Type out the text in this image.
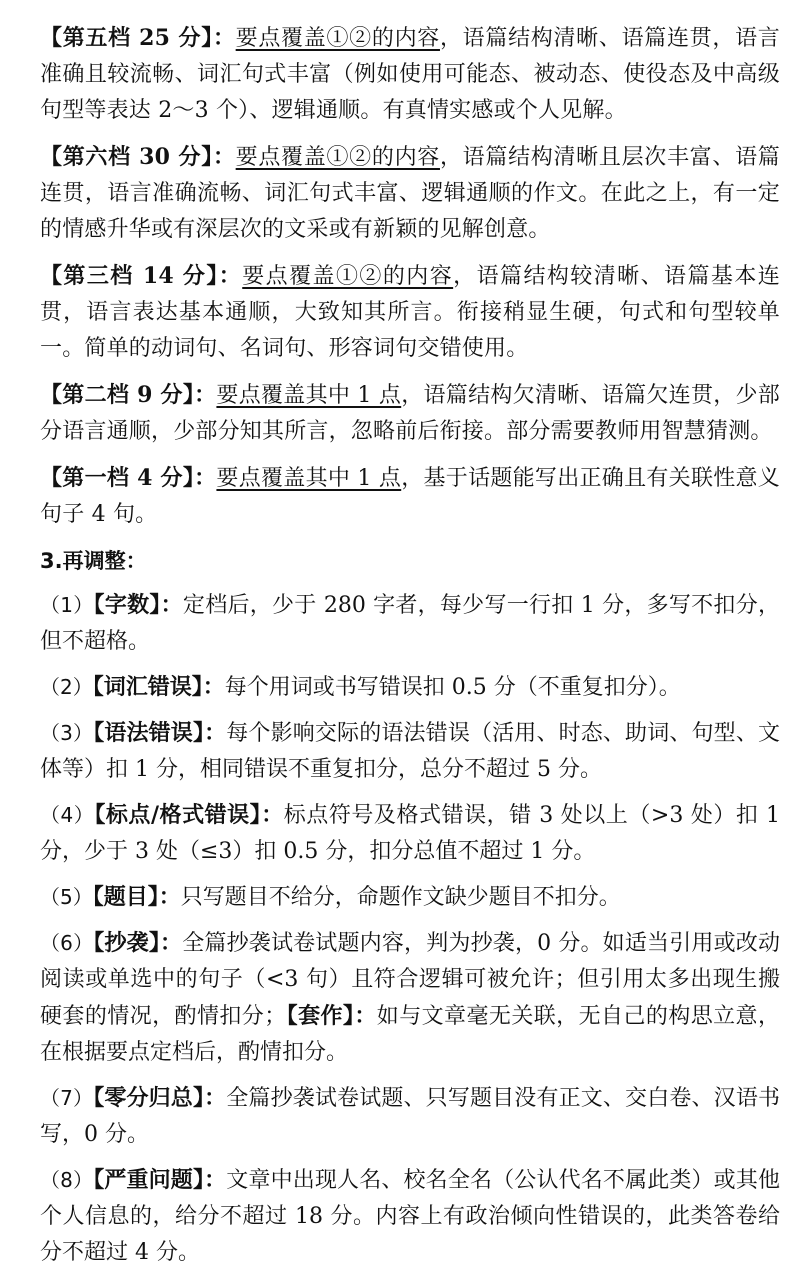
【第五档 25 分】：要点覆盖①②的内容，语篇结构清晰、语篇连贯，语言准确且较流畅、词汇句式丰富（例如使用可能态、被动态、使役态及中高级句型等表达 2～3 个）、逻辑通顺。有真情实感或个人见解。

【第六档 30 分】：要点覆盖①②的内容，语篇结构清晰且层次丰富、语篇连贯，语言准确流畅、词汇句式丰富、逻辑通顺的作文。在此之上，有一定的情感升华或有深层次的文采或有新颖的见解创意。

【第三档 14 分】：要点覆盖①②的内容，语篇结构较清晰、语篇基本连贯，语言表达基本通顺，大致知其所言。衔接稍显生硬，句式和句型较单一。简单的动词句、名词句、形容词句交错使用。

【第二档 9 分】：要点覆盖其中 1 点，语篇结构欠清晰、语篇欠连贯，少部分语言通顺，少部分知其所言，忽略前后衔接。部分需要教师用智慧猜测。

【第一档 4 分】：要点覆盖其中 1 点，基于话题能写出正确且有关联性意义句子 4 句。

3.再调整：

（1）【字数】：定档后，少于 280 字者，每少写一行扣 1 分，多写不扣分，但不超格。

（2）【词汇错误】：每个用词或书写错误扣 0.5 分（不重复扣分）。

（3）【语法错误】：每个影响交际的语法错误（活用、时态、助词、句型、文体等）扣 1 分，相同错误不重复扣分，总分不超过 5 分。

（4）【标点/格式错误】：标点符号及格式错误，错 3 处以上（>3 处）扣 1 分，少于 3 处（≤3）扣 0.5 分，扣分总值不超过 1 分。

（5）【题目】：只写题目不给分，命题作文缺少题目不扣分。

（6）【抄袭】：全篇抄袭试卷试题内容，判为抄袭，0 分。如适当引用或改动阅读或单选中的句子（<3 句）且符合逻辑可被允许；但引用太多出现生搬硬套的情况，酌情扣分；【套作】：如与文章毫无关联，无自己的构思立意，在根据要点定档后，酌情扣分。

（7）【零分归总】：全篇抄袭试卷试题、只写题目没有正文、交白卷、汉语书写，0 分。

（8）【严重问题】：文章中出现人名、校名全名（公认代名不属此类）或其他个人信息的，给分不超过 18 分。内容上有政治倾向性错误的，此类答卷给分不超过 4 分。
